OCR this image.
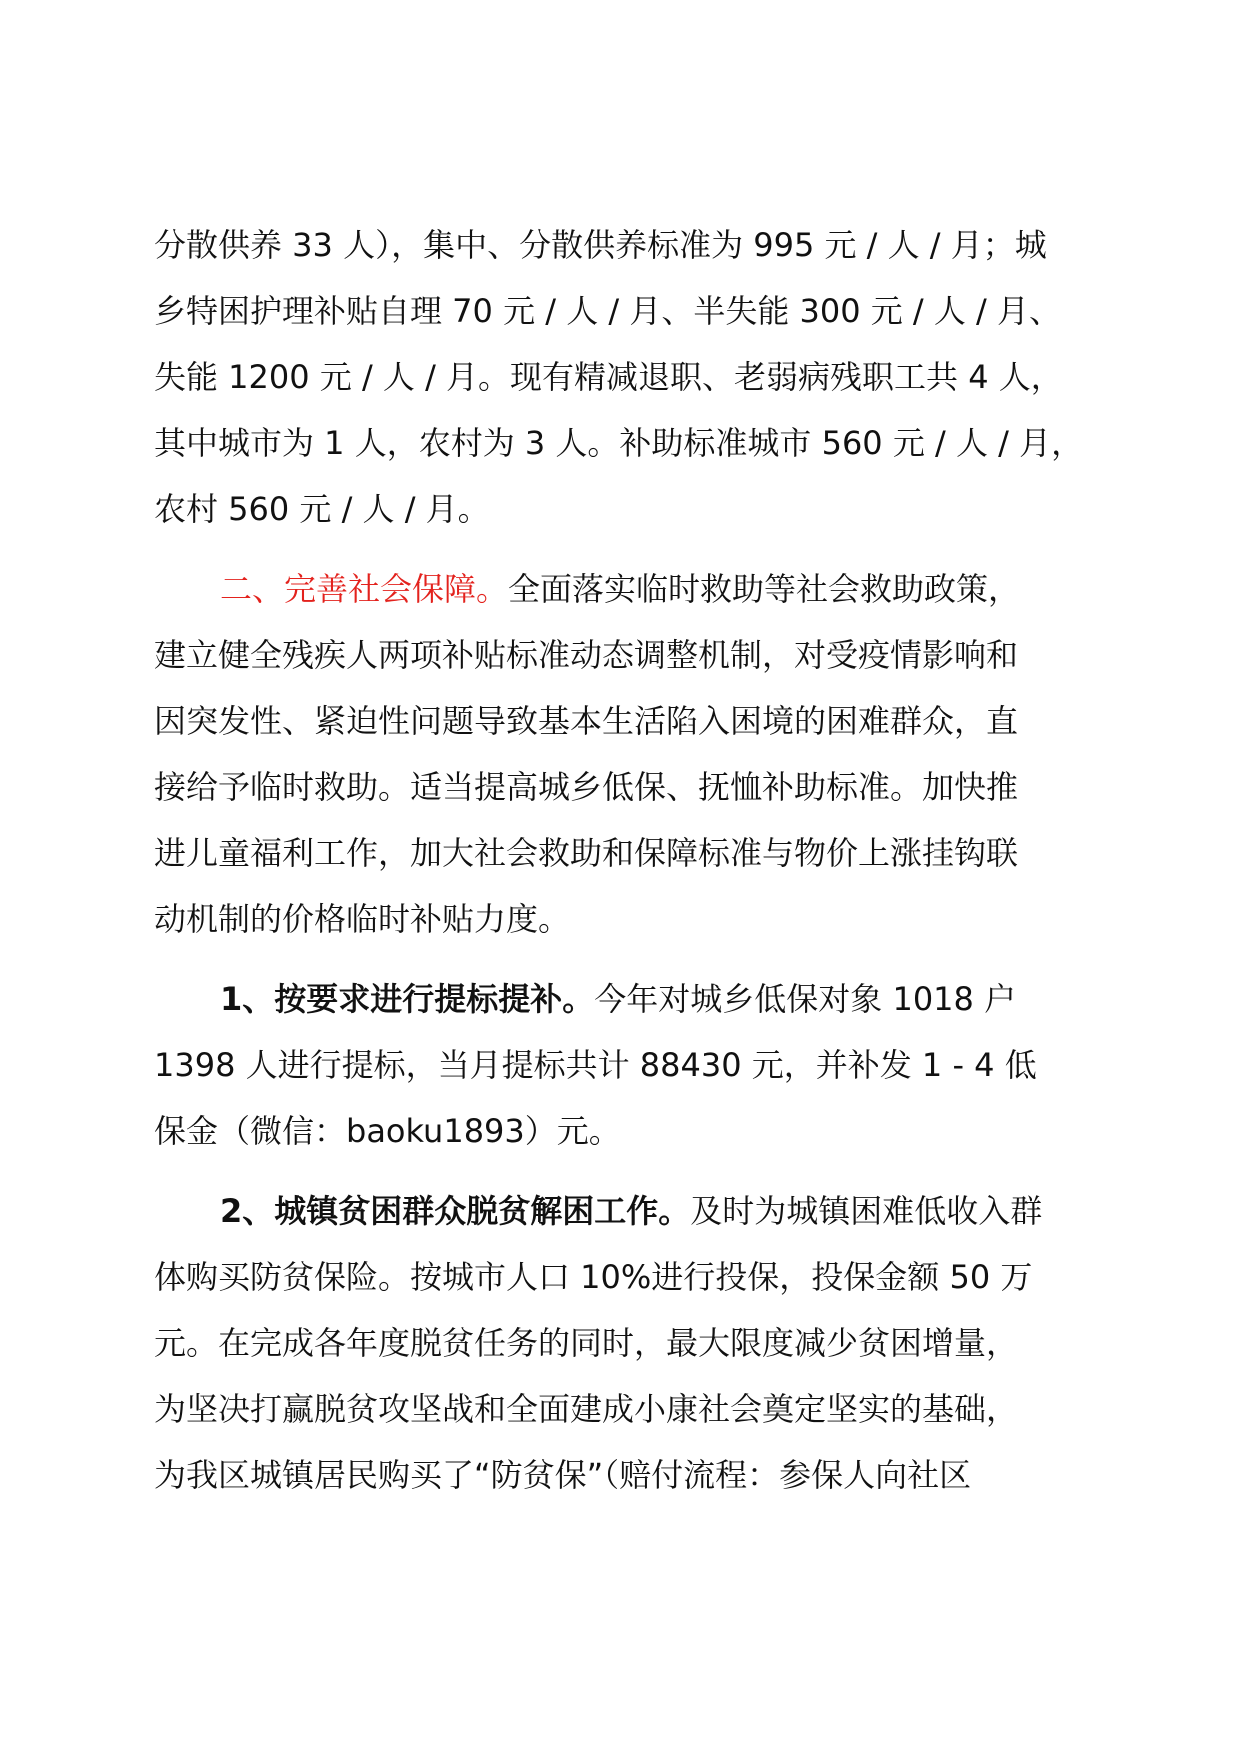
分散供养 33 人），集中、分散供养标准为 995 元 / 人 / 月；城
乡特困护理补贴自理 70 元 / 人 / 月、半失能 300 元 / 人 / 月、
失能 1200 元 / 人 / 月。现有精减退职、老弱病残职工共 4 人，
其中城市为 1 人，农村为 3 人。补助标准城市 560 元 / 人 / 月，
农村 560 元 / 人 / 月。
二、完善社会保障。全面落实临时救助等社会救助政策，
建立健全残疾人两项补贴标准动态调整机制，对受疫情影响和
因突发性、紧迫性问题导致基本生活陷入困境的困难群众，直
接给予临时救助。适当提高城乡低保、抚恤补助标准。加快推
进儿童福利工作，加大社会救助和保障标准与物价上涨挂钩联
动机制的价格临时补贴力度。
1、按要求进行提标提补。今年对城乡低保对象 1018 户
1398 人进行提标，当月提标共计 88430 元，并补发 1 - 4 低
保金（微信：baoku1893）元。
2、城镇贫困群众脱贫解困工作。及时为城镇困难低收入群
体购买防贫保险。按城市人口 10%进行投保，投保金额 50 万
元。在完成各年度脱贫任务的同时，最大限度减少贫困增量，
为坚决打赢脱贫攻坚战和全面建成小康社会奠定坚实的基础，
为我区城镇居民购买了“防贫保”（赔付流程：参保人向社区
